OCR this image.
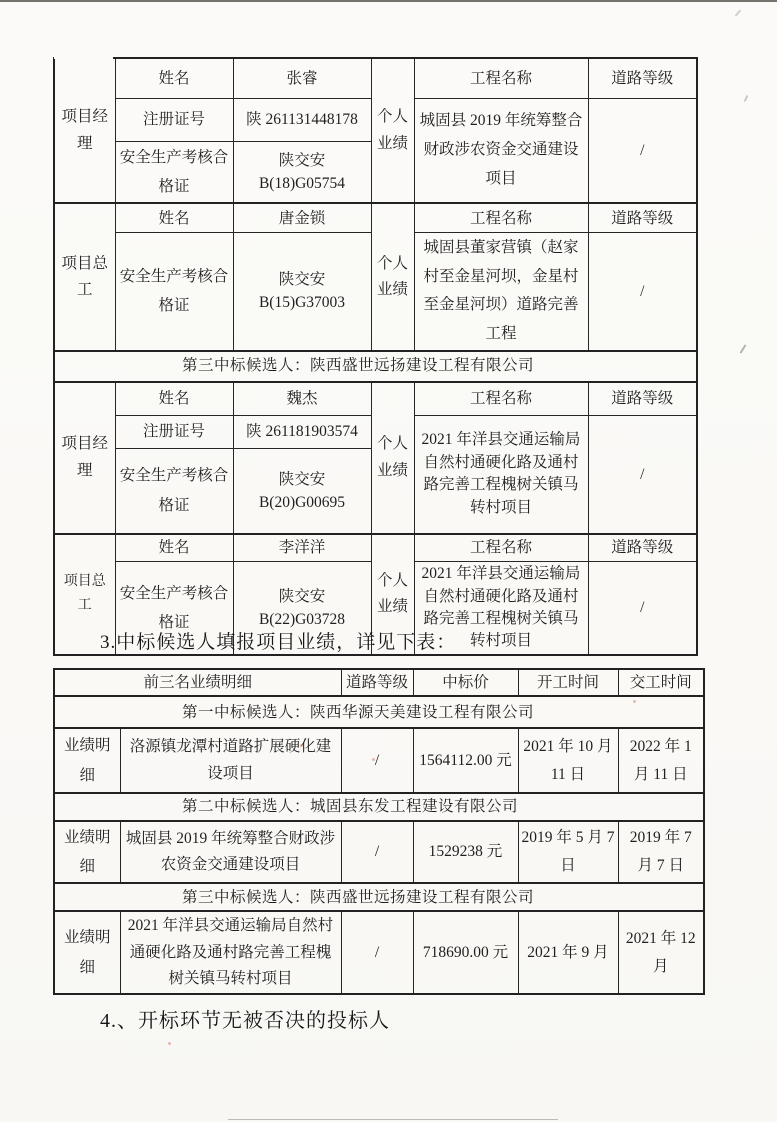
项目经理	姓名	张睿	个人业绩	工程名称	道路等级
	注册证号	陕 261131448178		城固县 2019 年统筹整合财政涉农资金交通建设项目	/
	安全生产考核合格证	陕交安 B(18)G05754			
项目总工	姓名	唐金锁	个人业绩	工程名称	道路等级
	安全生产考核合格证	陕交安 B(15)G37003		城固县董家营镇（赵家村至金星河坝，金星村至金星河坝）道路完善工程	/
第三中标候选人：陕西盛世远扬建设工程有限公司					
项目经理	姓名	魏杰	个人业绩	工程名称	道路等级
	注册证号	陕 261181903574		2021 年洋县交通运输局自然村通硬化路及通村路完善工程槐树关镇马转村项目	/
	安全生产考核合格证	陕交安 B(20)G00695			
项目总工	姓名	李洋洋	个人业绩	工程名称	道路等级
	安全生产考核合格证	陕交安 B(22)G03728		2021 年洋县交通运输局自然村通硬化路及通村路完善工程槐树关镇马转村项目	/
3.中标候选人填报项目业绩，详见下表：
前三名业绩明细		道路等级	中标价	开工时间	交工时间
第一中标候选人：陕西华源天美建设工程有限公司					
业绩明细	洛源镇龙潭村道路扩展硬化建设项目	/	1564112.00 元	2021 年 10 月 11 日	2022 年 1 月 11 日
第二中标候选人：城固县东发工程建设有限公司					
业绩明细	城固县 2019 年统筹整合财政涉农资金交通建设项目	/	1529238 元	2019 年 5 月 7 日	2019 年 7 月 7 日
第三中标候选人：陕西盛世远扬建设工程有限公司					
业绩明细	2021 年洋县交通运输局自然村通硬化路及通村路完善工程槐树关镇马转村项目	/	718690.00 元	2021 年 9 月	2021 年 12 月
4.、开标环节无被否决的投标人
